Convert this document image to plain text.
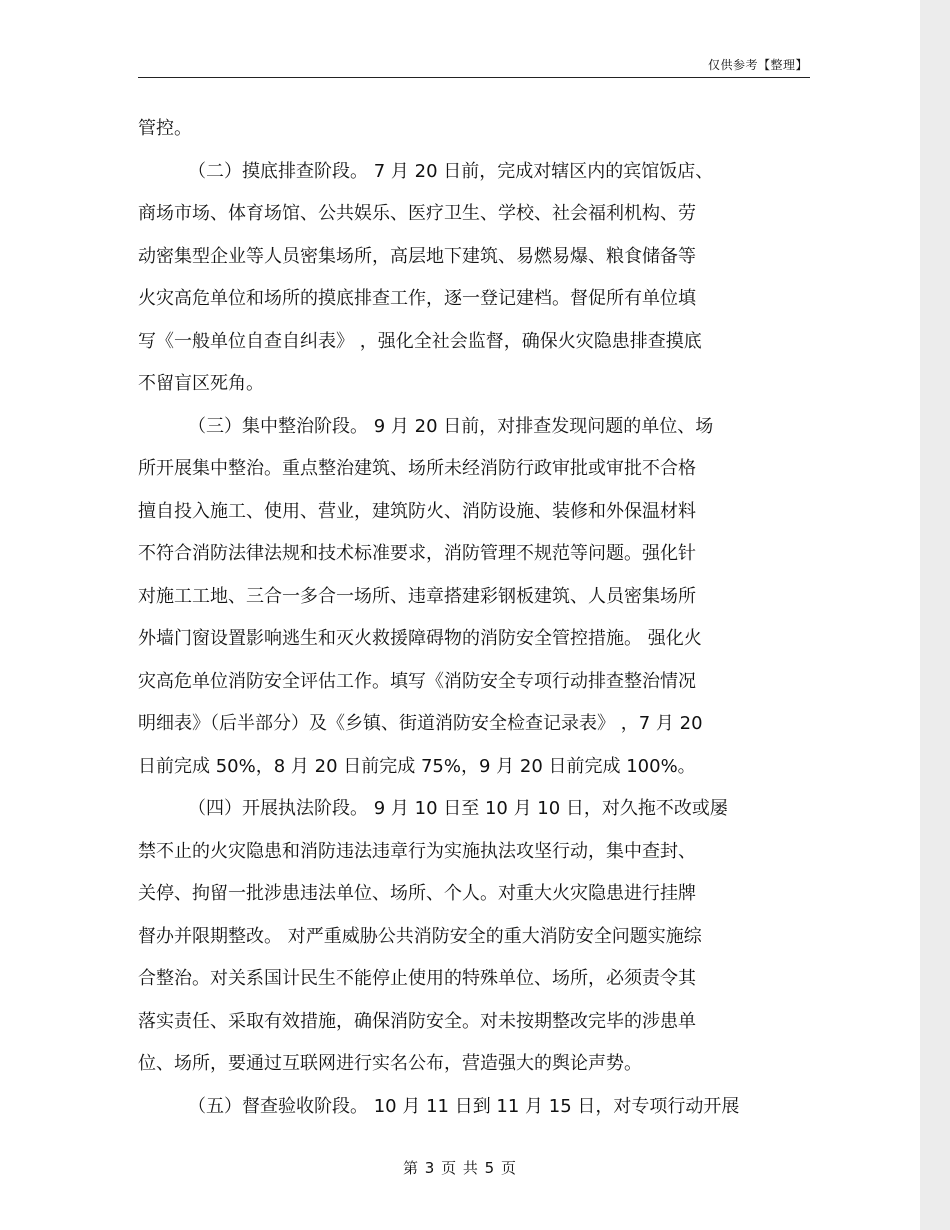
仅供参考【整理】
管控。
（二）摸底排查阶段。 7 月 20 日前，完成对辖区内的宾馆饭店、
商场市场、体育场馆、公共娱乐、医疗卫生、学校、社会福利机构、劳
动密集型企业等人员密集场所，高层地下建筑、易燃易爆、粮食储备等
火灾高危单位和场所的摸底排查工作，逐一登记建档。督促所有单位填
写《一般单位自查自纠表》 ，强化全社会监督，确保火灾隐患排查摸底
不留盲区死角。
（三）集中整治阶段。 9 月 20 日前，对排查发现问题的单位、场
所开展集中整治。重点整治建筑、场所未经消防行政审批或审批不合格
擅自投入施工、使用、营业，建筑防火、消防设施、装修和外保温材料
不符合消防法律法规和技术标准要求，消防管理不规范等问题。强化针
对施工工地、三合一多合一场所、违章搭建彩钢板建筑、人员密集场所
外墙门窗设置影响逃生和灭火救援障碍物的消防安全管控措施。 强化火
灾高危单位消防安全评估工作。填写《消防安全专项行动排查整治情况
明细表》（后半部分）及《乡镇、街道消防安全检查记录表》 ，7 月 20
日前完成 50%，8 月 20 日前完成 75%，9 月 20 日前完成 100%。
（四）开展执法阶段。 9 月 10 日至 10 月 10 日，对久拖不改或屡
禁不止的火灾隐患和消防违法违章行为实施执法攻坚行动，集中查封、
关停、拘留一批涉患违法单位、场所、个人。对重大火灾隐患进行挂牌
督办并限期整改。 对严重威胁公共消防安全的重大消防安全问题实施综
合整治。对关系国计民生不能停止使用的特殊单位、场所，必须责令其
落实责任、采取有效措施，确保消防安全。对未按期整改完毕的涉患单
位、场所，要通过互联网进行实名公布，营造强大的舆论声势。
（五）督查验收阶段。 10 月 11 日到 11 月 15 日，对专项行动开展
第 3 页 共 5 页
